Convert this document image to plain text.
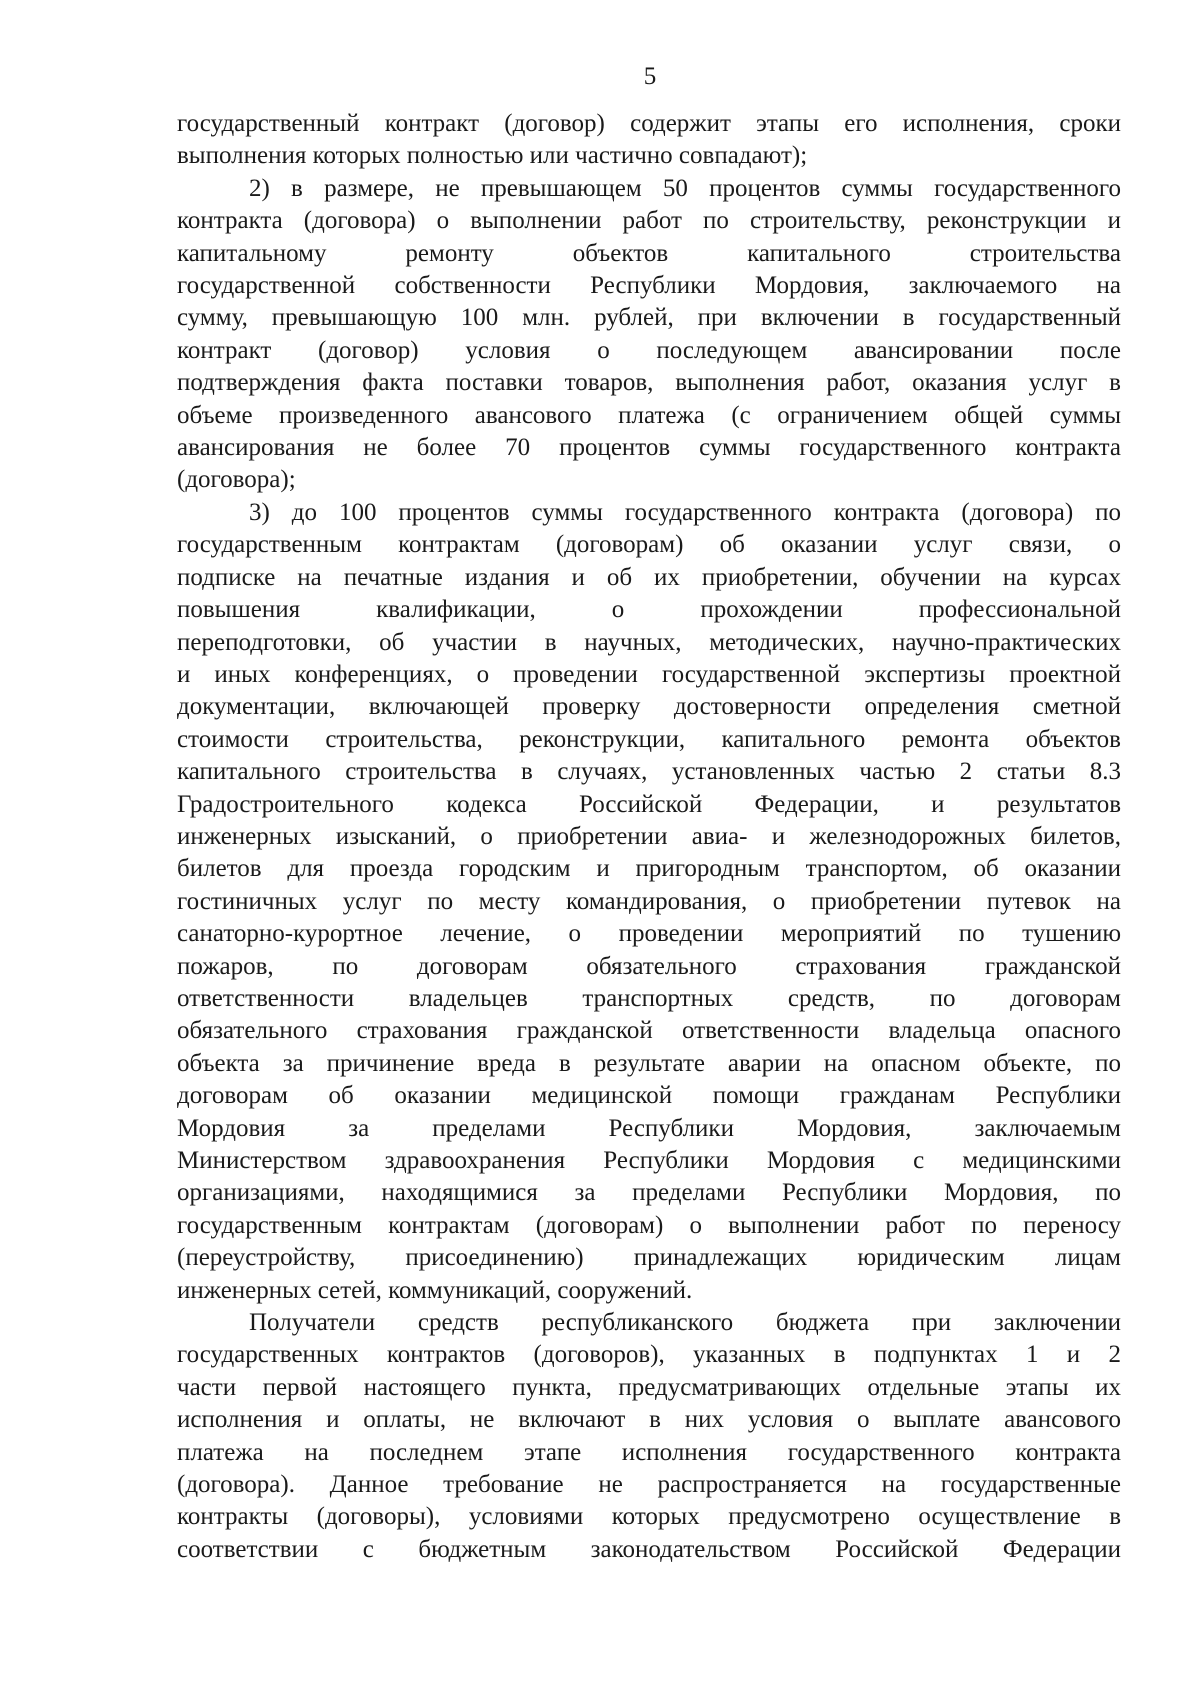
5
государственный контракт (договор) содержит этапы его исполнения, сроки
выполнения которых полностью или частично совпадают);
2) в размере, не превышающем 50 процентов суммы государственного
контракта (договора) о выполнении работ по строительству, реконструкции и
капитальному ремонту объектов капитального строительства
государственной собственности Республики Мордовия, заключаемого на
сумму, превышающую 100 млн. рублей, при включении в государственный
контракт (договор) условия о последующем авансировании после
подтверждения факта поставки товаров, выполнения работ, оказания услуг в
объеме произведенного авансового платежа (с ограничением общей суммы
авансирования не более 70 процентов суммы государственного контракта
(договора);
3) до 100 процентов суммы государственного контракта (договора) по
государственным контрактам (договорам) об оказании услуг связи, о
подписке на печатные издания и об их приобретении, обучении на курсах
повышения квалификации, о прохождении профессиональной
переподготовки, об участии в научных, методических, научно-практических
и иных конференциях, о проведении государственной экспертизы проектной
документации, включающей проверку достоверности определения сметной
стоимости строительства, реконструкции, капитального ремонта объектов
капитального строительства в случаях, установленных частью 2 статьи 8.3
Градостроительного кодекса Российской Федерации, и результатов
инженерных изысканий, о приобретении авиа- и железнодорожных билетов,
билетов для проезда городским и пригородным транспортом, об оказании
гостиничных услуг по месту командирования, о приобретении путевок на
санаторно-курортное лечение, о проведении мероприятий по тушению
пожаров, по договорам обязательного страхования гражданской
ответственности владельцев транспортных средств, по договорам
обязательного страхования гражданской ответственности владельца опасного
объекта за причинение вреда в результате аварии на опасном объекте, по
договорам об оказании медицинской помощи гражданам Республики
Мордовия за пределами Республики Мордовия, заключаемым
Министерством здравоохранения Республики Мордовия с медицинскими
организациями, находящимися за пределами Республики Мордовия, по
государственным контрактам (договорам) о выполнении работ по переносу
(переустройству, присоединению) принадлежащих юридическим лицам
инженерных сетей, коммуникаций, сооружений.
Получатели средств республиканского бюджета при заключении
государственных контрактов (договоров), указанных в подпунктах 1 и 2
части первой настоящего пункта, предусматривающих отдельные этапы их
исполнения и оплаты, не включают в них условия о выплате авансового
платежа на последнем этапе исполнения государственного контракта
(договора). Данное требование не распространяется на государственные
контракты (договоры), условиями которых предусмотрено осуществление в
соответствии с бюджетным законодательством Российской Федерации
